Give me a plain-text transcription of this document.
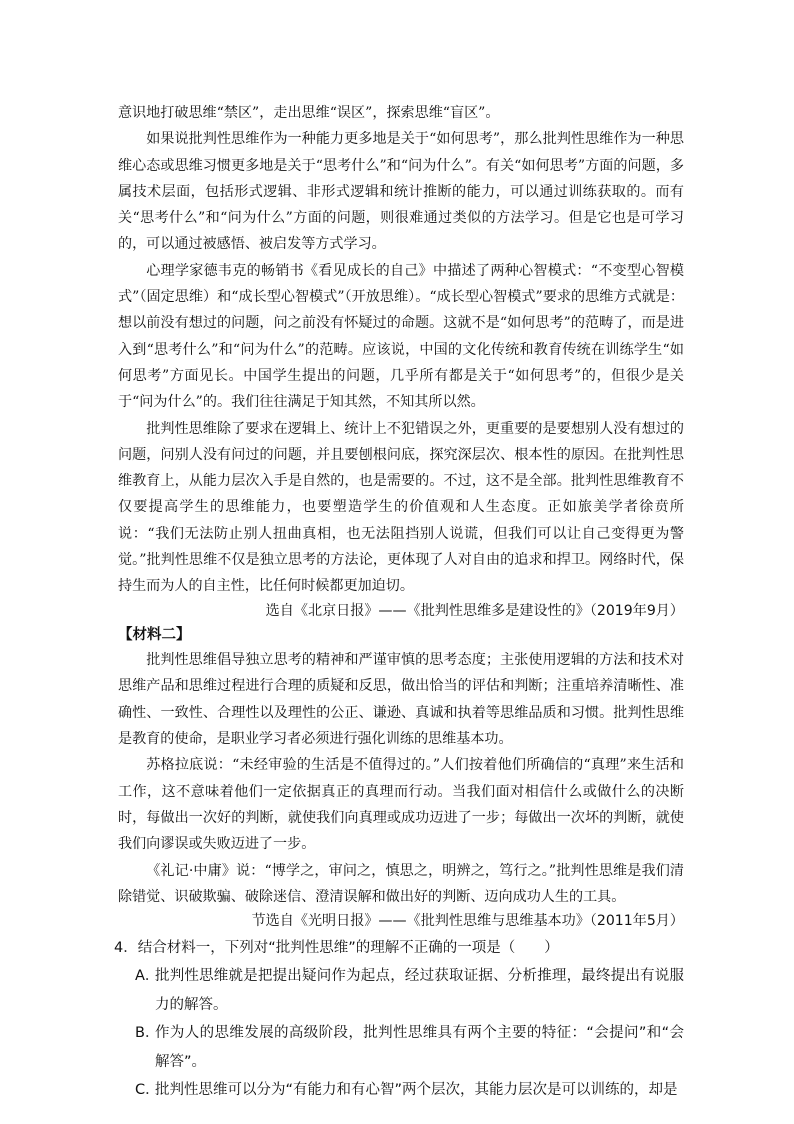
意识地打破思维“禁区”，走出思维“误区”，探索思维“盲区”。

如果说批判性思维作为一种能力更多地是关于“如何思考”，那么批判性思维作为一种思维心态或思维习惯更多地是关于“思考什么”和“问为什么”。有关“如何思考”方面的问题，多属技术层面，包括形式逻辑、非形式逻辑和统计推断的能力，可以通过训练获取的。而有关“思考什么”和“问为什么”方面的问题，则很难通过类似的方法学习。但是它也是可学习的，可以通过被感悟、被启发等方式学习。

心理学家德韦克的畅销书《看见成长的自己》中描述了两种心智模式：“不变型心智模式”（固定思维）和“成长型心智模式”（开放思维）。“成长型心智模式”要求的思维方式就是：想以前没有想过的问题，问之前没有怀疑过的命题。这就不是“如何思考”的范畴了，而是进入到“思考什么”和“问为什么”的范畴。应该说，中国的文化传统和教育传统在训练学生“如何思考”方面见长。中国学生提出的问题，几乎所有都是关于“如何思考”的，但很少是关于“问为什么”的。我们往往满足于知其然，不知其所以然。

批判性思维除了要求在逻辑上、统计上不犯错误之外，更重要的是要想别人没有想过的问题，问别人没有问过的问题，并且要刨根问底，探究深层次、根本性的原因。在批判性思维教育上，从能力层次入手是自然的，也是需要的。不过，这不是全部。批判性思维教育不仅要提高学生的思维能力，也要塑造学生的价值观和人生态度。正如旅美学者徐贲所说：“我们无法防止别人扭曲真相，也无法阻挡别人说谎，但我们可以让自己变得更为警觉。”批判性思维不仅是独立思考的方法论，更体现了人对自由的追求和捍卫。网络时代，保持生而为人的自主性，比任何时候都更加迫切。

选自《北京日报》——《批判性思维多是建设性的》（2019年9月）

【材料二】

批判性思维倡导独立思考的精神和严谨审慎的思考态度；主张使用逻辑的方法和技术对思维产品和思维过程进行合理的质疑和反思，做出恰当的评估和判断；注重培养清晰性、准确性、一致性、合理性以及理性的公正、谦逊、真诚和执着等思维品质和习惯。批判性思维是教育的使命，是职业学习者必须进行强化训练的思维基本功。

苏格拉底说：“未经审验的生活是不值得过的。”人们按着他们所确信的“真理”来生活和工作，这不意味着他们一定依据真正的真理而行动。当我们面对相信什么或做什么的决断时，每做出一次好的判断，就使我们向真理或成功迈进了一步；每做出一次坏的判断，就使我们向谬误或失败迈进了一步。

《礼记·中庸》说：“博学之，审问之，慎思之，明辨之，笃行之。”批判性思维是我们清除错觉、识破欺骗、破除迷信、澄清误解和做出好的判断、迈向成功人生的工具。

节选自《光明日报》——《批判性思维与思维基本功》（2011年5月）

4．结合材料一，下列对“批判性思维”的理解不正确的一项是（　　）
A．
批判性思维就是把提出疑问作为起点，经过获取证据、分析推理，最终提出有说服力的解答。
B．
作为人的思维发展的高级阶段，批判性思维具有两个主要的特征：“会提问”和“会解答”。
C．
批判性思维可以分为“有能力和有心智”两个层次，其能力层次是可以训练的，却是
